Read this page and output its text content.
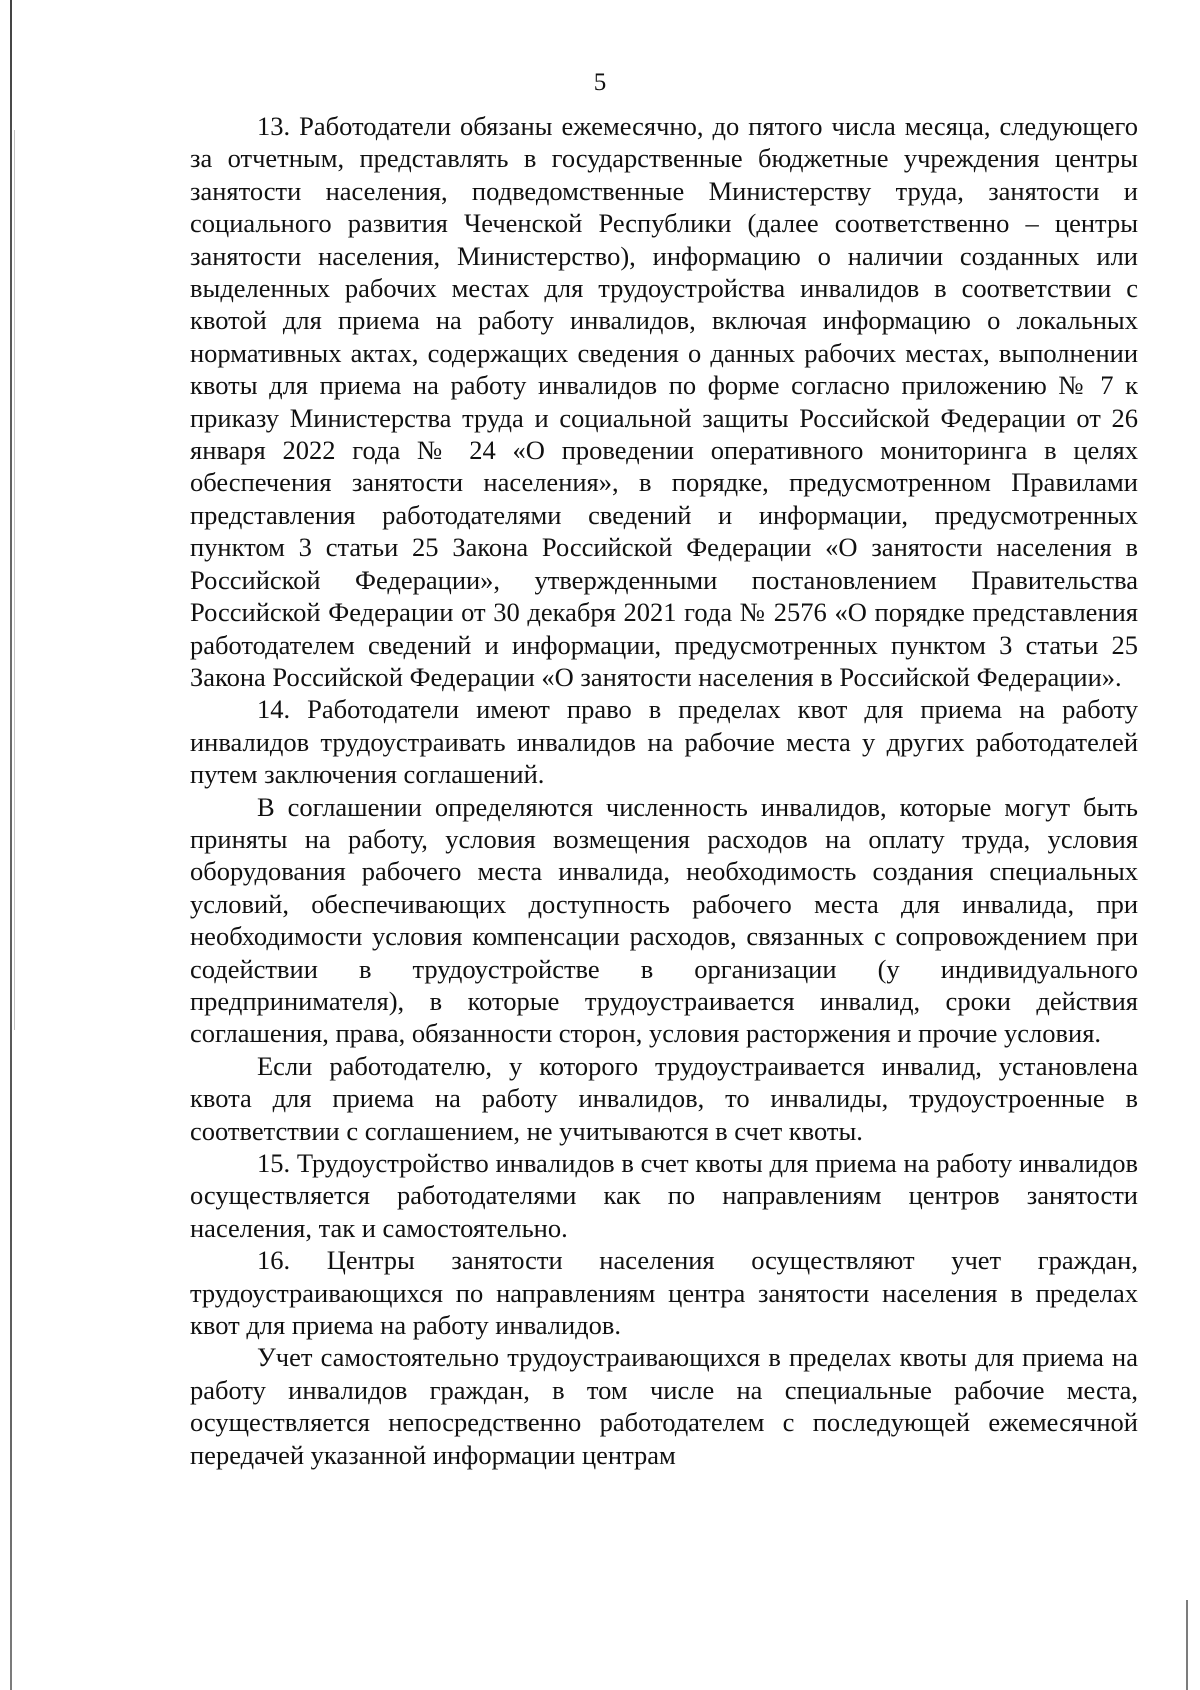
5

13. Работодатели обязаны ежемесячно, до пятого числа месяца, следующего за отчетным, представлять в государственные бюджетные учреждения центры занятости населения, подведомственные Министерству труда, занятости и социального развития Чеченской Республики (далее соответственно – центры занятости населения, Министерство), информацию о наличии созданных или выделенных рабочих местах для трудоустройства инвалидов в соответствии с квотой для приема на работу инвалидов, включая информацию о локальных нормативных актах, содержащих сведения о данных рабочих местах, выполнении квоты для приема на работу инвалидов по форме согласно приложению № 7 к приказу Министерства труда и социальной защиты Российской Федерации от 26 января 2022 года № 24 «О проведении оперативного мониторинга в целях обеспечения занятости населения», в порядке, предусмотренном Правилами представления работодателями сведений и информации, предусмотренных пунктом 3 статьи 25 Закона Российской Федерации «О занятости населения в Российской Федерации», утвержденными постановлением Правительства Российской Федерации от 30 декабря 2021 года № 2576 «О порядке представления работодателем сведений и информации, предусмотренных пунктом 3 статьи 25 Закона Российской Федерации «О занятости населения в Российской Федерации».

14. Работодатели имеют право в пределах квот для приема на работу инвалидов трудоустраивать инвалидов на рабочие места у других работодателей путем заключения соглашений.

В соглашении определяются численность инвалидов, которые могут быть приняты на работу, условия возмещения расходов на оплату труда, условия оборудования рабочего места инвалида, необходимость создания специальных условий, обеспечивающих доступность рабочего места для инвалида, при необходимости условия компенсации расходов, связанных с сопровождением при содействии в трудоустройстве в организации (у индивидуального предпринимателя), в которые трудоустраивается инвалид, сроки действия соглашения, права, обязанности сторон, условия расторжения и прочие условия.

Если работодателю, у которого трудоустраивается инвалид, установлена квота для приема на работу инвалидов, то инвалиды, трудоустроенные в соответствии с соглашением, не учитываются в счет квоты.

15. Трудоустройство инвалидов в счет квоты для приема на работу инвалидов осуществляется работодателями как по направлениям центров занятости населения, так и самостоятельно.

16. Центры занятости населения осуществляют учет граждан, трудоустраивающихся по направлениям центра занятости населения в пределах квот для приема на работу инвалидов.

Учет самостоятельно трудоустраивающихся в пределах квоты для приема на работу инвалидов граждан, в том числе на специальные рабочие места, осуществляется непосредственно работодателем с последующей ежемесячной передачей указанной информации центрам
